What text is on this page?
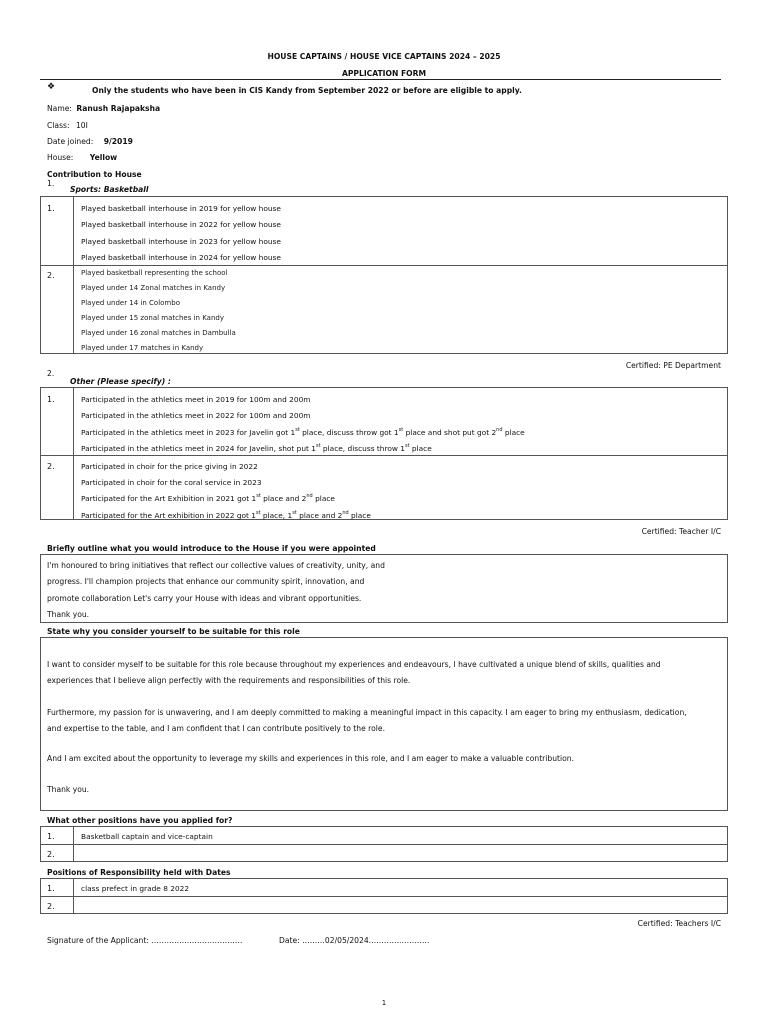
HOUSE CAPTAINS / HOUSE VICE CAPTAINS 2024 – 2025
APPLICATION FORM
❖	Only the students who have been in CIS Kandy from September 2022 or before are eligible to apply.
Name: Ranush Rajapaksha
Class: 10I
Date joined: 9/2019
House: Yellow
Contribution to House
1.
Sports: Basketball
1.	Played basketball interhouse in 2019 for yellow house
Played basketball interhouse in 2022 for yellow house
Played basketball interhouse in 2023 for yellow house
Played basketball interhouse in 2024 for yellow house
2.	Played basketball representing the school
Played under 14 Zonal matches in Kandy
Played under 14 in Colombo
Played under 15 zonal matches in Kandy
Played under 16 zonal matches in Dambulla
Played under 17 matches in Kandy
Certified: PE Department
2.
Other (Please specify) :
1.	Participated in the athletics meet in 2019 for 100m and 200m
Participated in the athletics meet in 2022 for 100m and 200m
Participated in the athletics meet in 2023 for Javelin got 1st place, discuss throw got 1st place and shot put got 2nd place
Participated in the athletics meet in 2024 for Javelin, shot put 1st place, discuss throw 1st place
2.	Participated in choir for the price giving in 2022
Participated in choir for the coral service in 2023
Participated for the Art Exhibition in 2021 got 1st place and 2nd place
Participated for the Art exhibition in 2022 got 1st place, 1st place and 2nd place
Certified: Teacher I/C
Briefly outline what you would introduce to the House if you were appointed
I'm honoured to bring initiatives that reflect our collective values of creativity, unity, and
progress. I'll champion projects that enhance our community spirit, innovation, and
promote collaboration Let's carry your House with ideas and vibrant opportunities.
Thank you.
State why you consider yourself to be suitable for this role
I want to consider myself to be suitable for this role because throughout my experiences and endeavours, I have cultivated a unique blend of skills, qualities and
experiences that I believe align perfectly with the requirements and responsibilities of this role.
Furthermore, my passion for is unwavering, and I am deeply committed to making a meaningful impact in this capacity. I am eager to bring my enthusiasm, dedication,
and expertise to the table, and I am confident that I can contribute positively to the role.
And I am excited about the opportunity to leverage my skills and experiences in this role, and I am eager to make a valuable contribution.
Thank you.
What other positions have you applied for?
1.	Basketball captain and vice-captain
2.
Positions of Responsibility held with Dates
1.	class prefect in grade 8 2022
2.
Certified: Teachers I/C
Signature of the Applicant: ………………………………	Date: ………02/05/2024……………………
1
